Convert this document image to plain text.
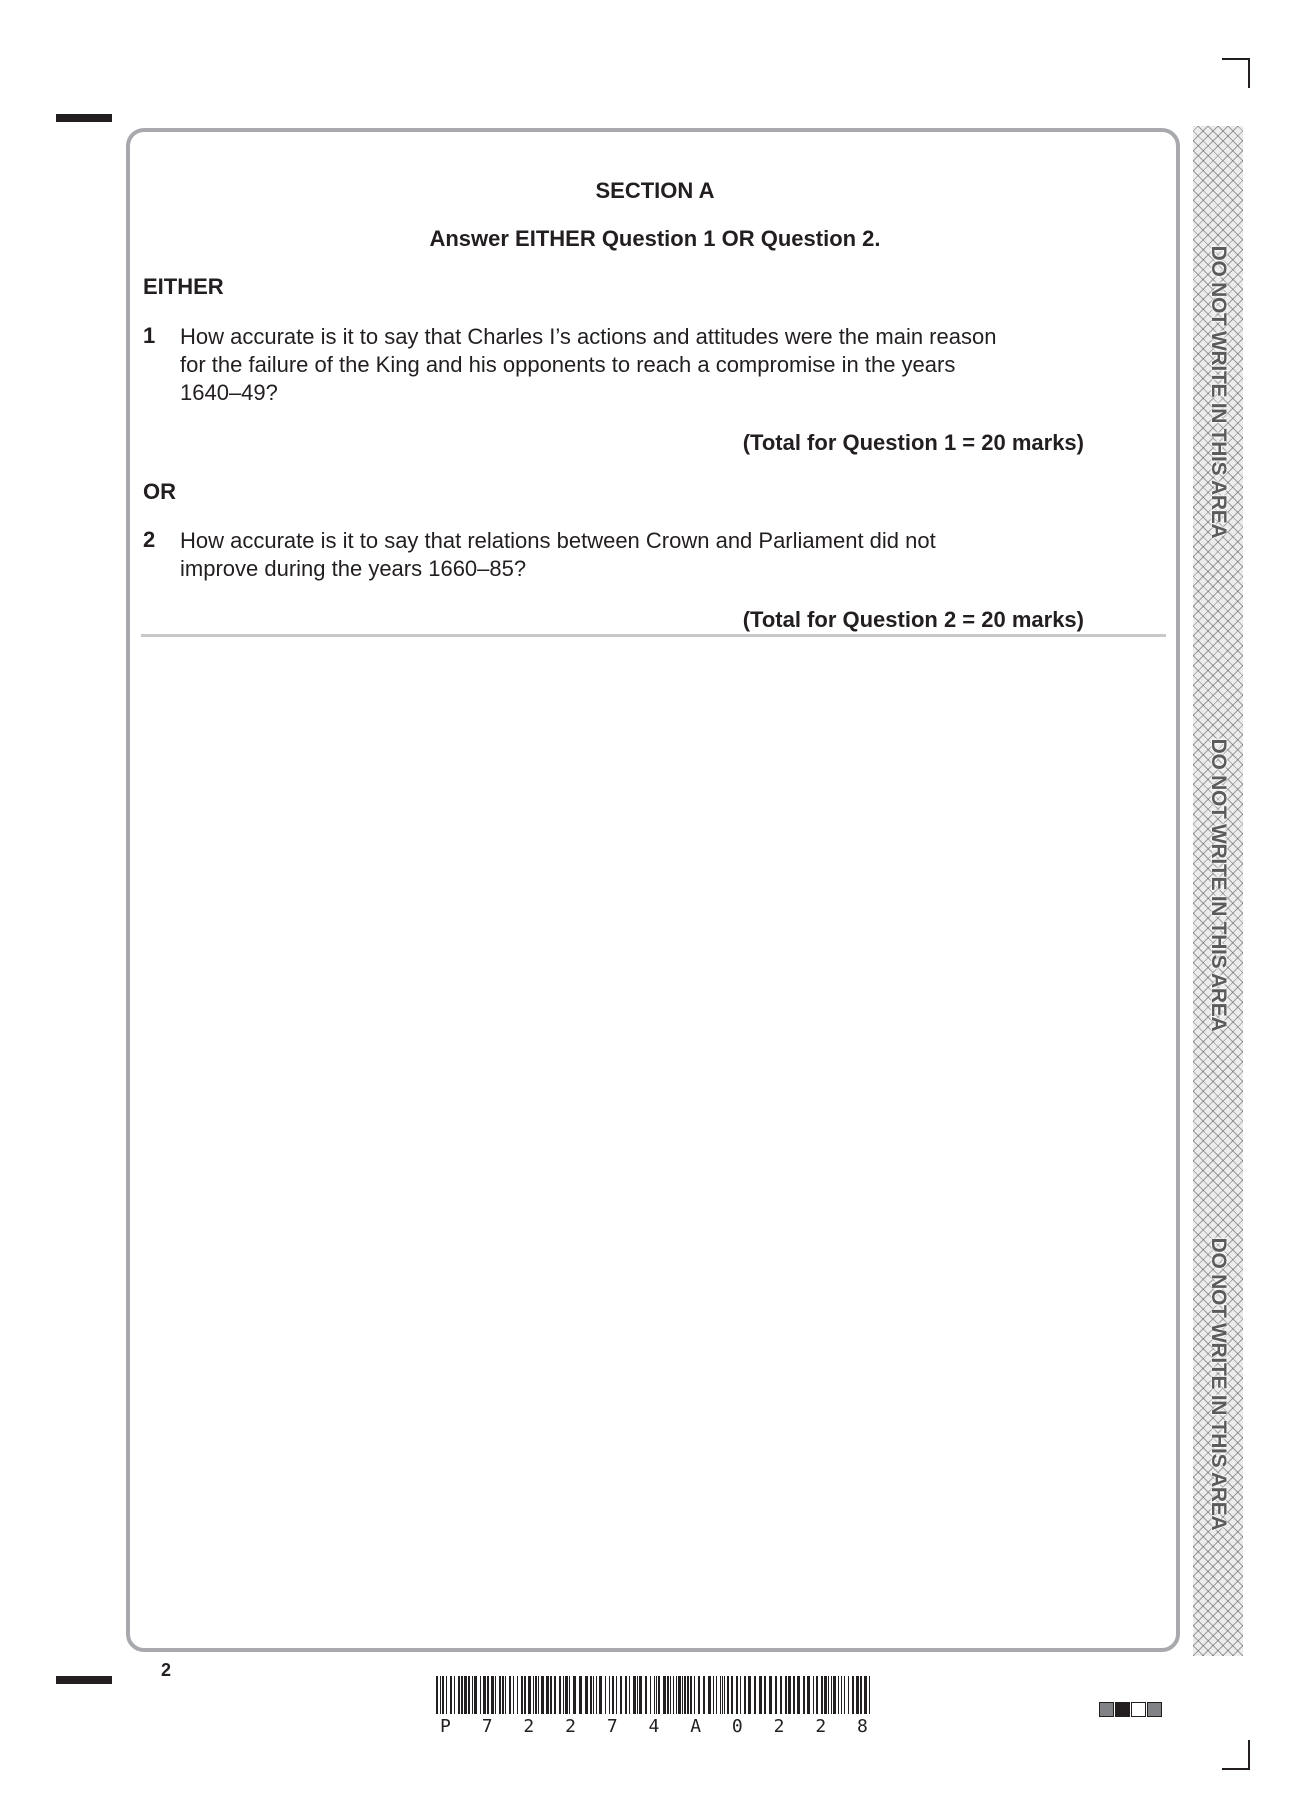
DO NOT WRITE IN THIS AREA
DO NOT WRITE IN THIS AREA
DO NOT WRITE IN THIS AREA
SECTION A
Answer EITHER Question 1 OR Question 2.
EITHER
1 How accurate is it to say that Charles I’s actions and attitudes were the main reason
for the failure of the King and his opponents to reach a compromise in the years
1640–49?
(Total for Question 1 = 20 marks)
OR
2 How accurate is it to say that relations between Crown and Parliament did not
improve during the years 1660–85?
(Total for Question 2 = 20 marks)
2
P 7 2 2 7 4 A 0 2 2 8
